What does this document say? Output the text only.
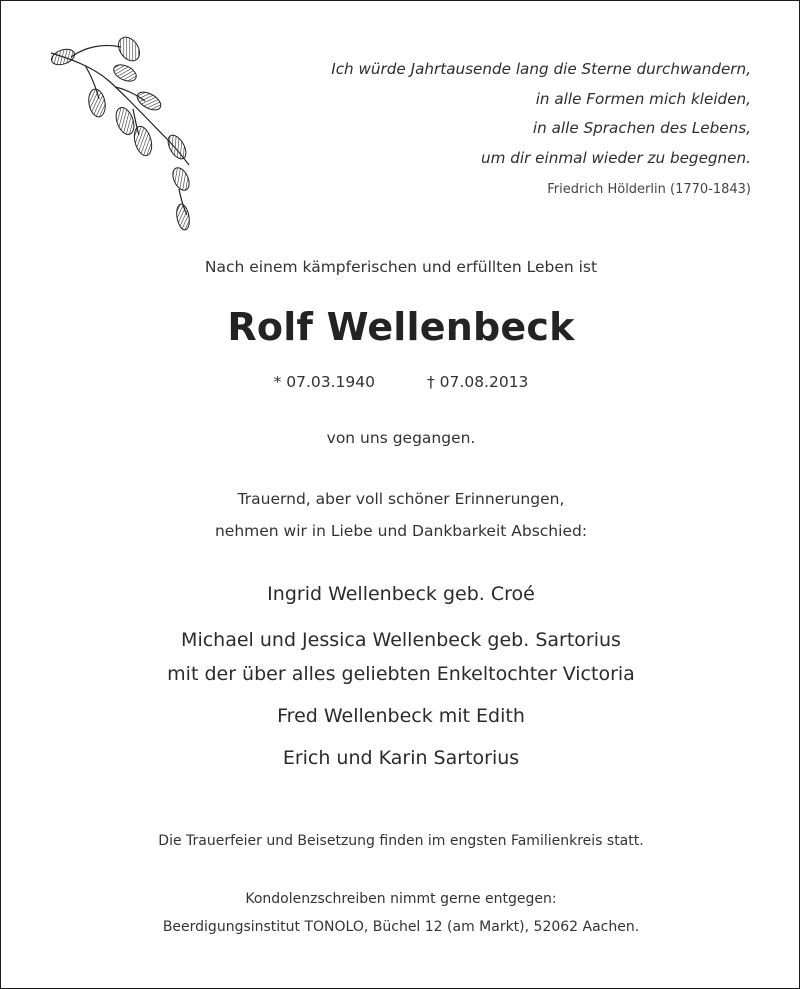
Ich würde Jahrtausende lang die Sterne durchwandern,
in alle Formen mich kleiden,
in alle Sprachen des Lebens,
um dir einmal wieder zu begegnen.
Friedrich Hölderlin (1770-1843)
Nach einem kämpferischen und erfüllten Leben ist
Rolf Wellenbeck
* 07.03.1940	† 07.08.2013
von uns gegangen.
Trauernd, aber voll schöner Erinnerungen,
nehmen wir in Liebe und Dankbarkeit Abschied:
Ingrid Wellenbeck geb. Croé
Michael und Jessica Wellenbeck geb. Sartorius
mit der über alles geliebten Enkeltochter Victoria
Fred Wellenbeck mit Edith
Erich und Karin Sartorius
Die Trauerfeier und Beisetzung finden im engsten Familienkreis statt.
Kondolenzschreiben nimmt gerne entgegen:
Beerdigungsinstitut TONOLO, Büchel 12 (am Markt), 52062 Aachen.
